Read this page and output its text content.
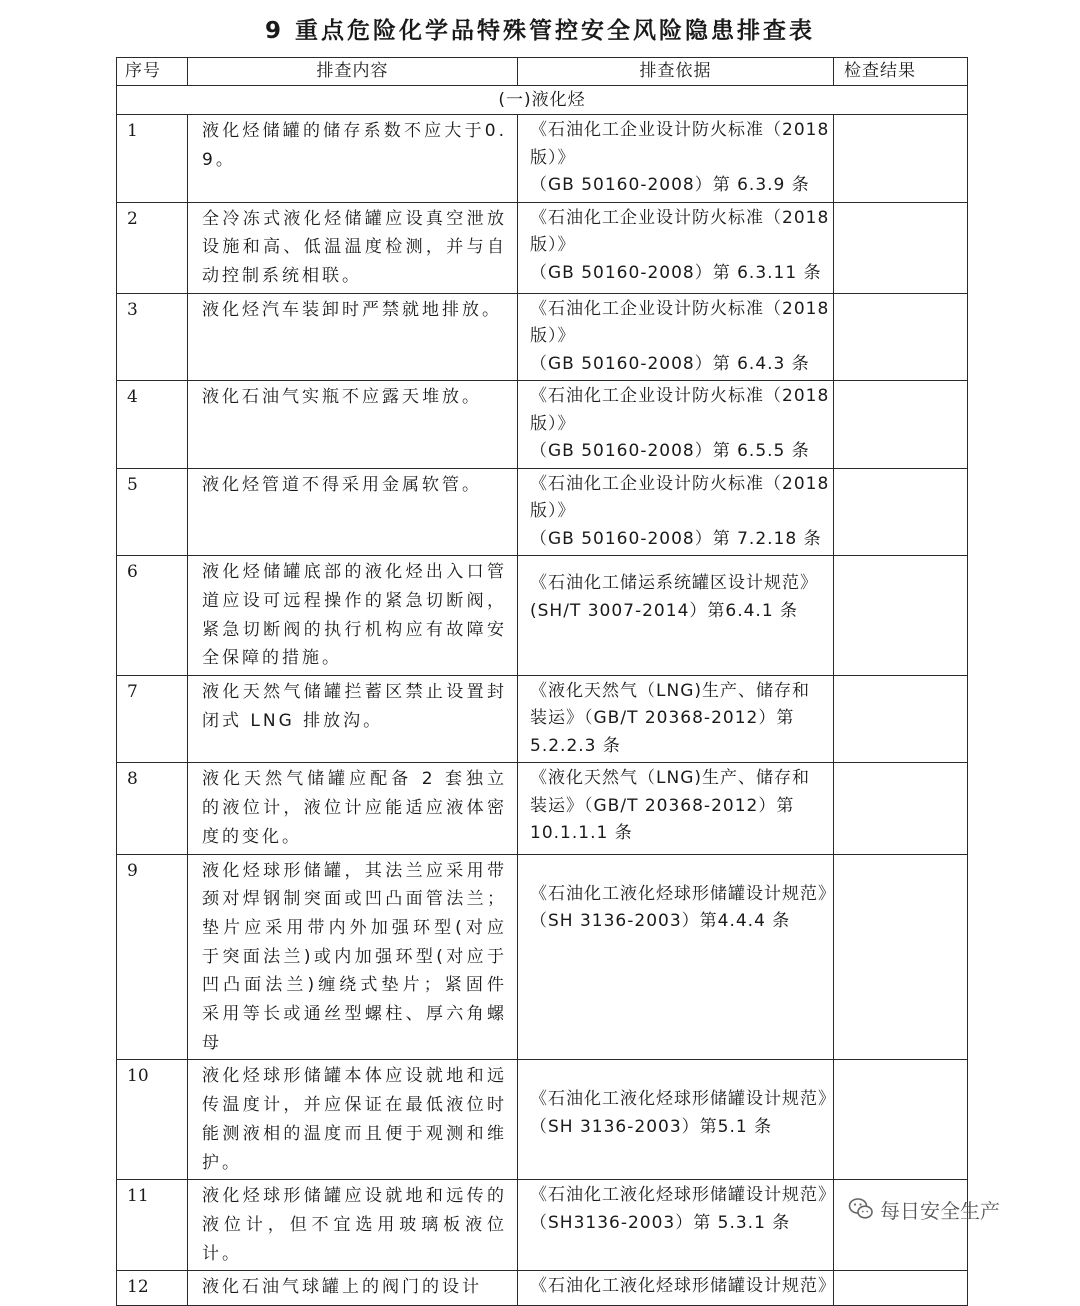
9 重点危险化学品特殊管控安全风险隐患排查表
序号	排查内容	排查依据	检查结果
(一)液化烃			
1	液化烃储罐的储存系数不应大于0.9。	《石油化工企业设计防火标准（2018
版）》
（GB 50160-2008）第 6.3.9 条	

2	全冷冻式液化烃储罐应设真空泄放设施和高、低温温度检测，并与自动控制系统相联。	《石油化工企业设计防火标准（2018
版）》
（GB 50160-2008）第 6.3.11 条	

3	液化烃汽车装卸时严禁就地排放。	《石油化工企业设计防火标准（2018
版）》
（GB 50160-2008）第 6.4.3 条	

4	液化石油气实瓶不应露天堆放。	《石油化工企业设计防火标准（2018
版）》
（GB 50160-2008）第 6.5.5 条	

5	液化烃管道不得采用金属软管。	《石油化工企业设计防火标准（2018
版）》
（GB 50160-2008）第 7.2.18 条	

6	液化烃储罐底部的液化烃出入口管道应设可远程操作的紧急切断阀，紧急切断阀的执行机构应有故障安全保障的措施。	《石油化工储运系统罐区设计规范》
(SH/T 3007-2014）第6.4.1 条	

7	液化天然气储罐拦蓄区禁止设置封闭式 LNG 排放沟。	《液化天然气（LNG)生产、储存和
装运》（GB/T 20368-2012）第
5.2.2.3 条	

8	液化天然气储罐应配备 2 套独立的液位计，液位计应能适应液体密度的变化。	《液化天然气（LNG)生产、储存和
装运》（GB/T 20368-2012）第
10.1.1.1 条	

9	液化烃球形储罐，其法兰应采用带颈对焊钢制突面或凹凸面管法兰；垫片应采用带内外加强环型(对应于突面法兰)或内加强环型(对应于凹凸面法兰)缠绕式垫片；紧固件采用等长或通丝型螺柱、厚六角螺母	《石油化工液化烃球形储罐设计规范》
（SH 3136-2003）第4.4.4 条	

10	液化烃球形储罐本体应设就地和远传温度计，并应保证在最低液位时能测液相的温度而且便于观测和维护。	《石油化工液化烃球形储罐设计规范》
（SH 3136-2003）第5.1 条	

11	液化烃球形储罐应设就地和远传的液位计，但不宜选用玻璃板液位计。	《石油化工液化烃球形储罐设计规范》
（SH3136-2003）第 5.3.1 条	

12	液化石油气球罐上的阀门的设计	《石油化工液化烃球形储罐设计规范》	

每日安全生产
